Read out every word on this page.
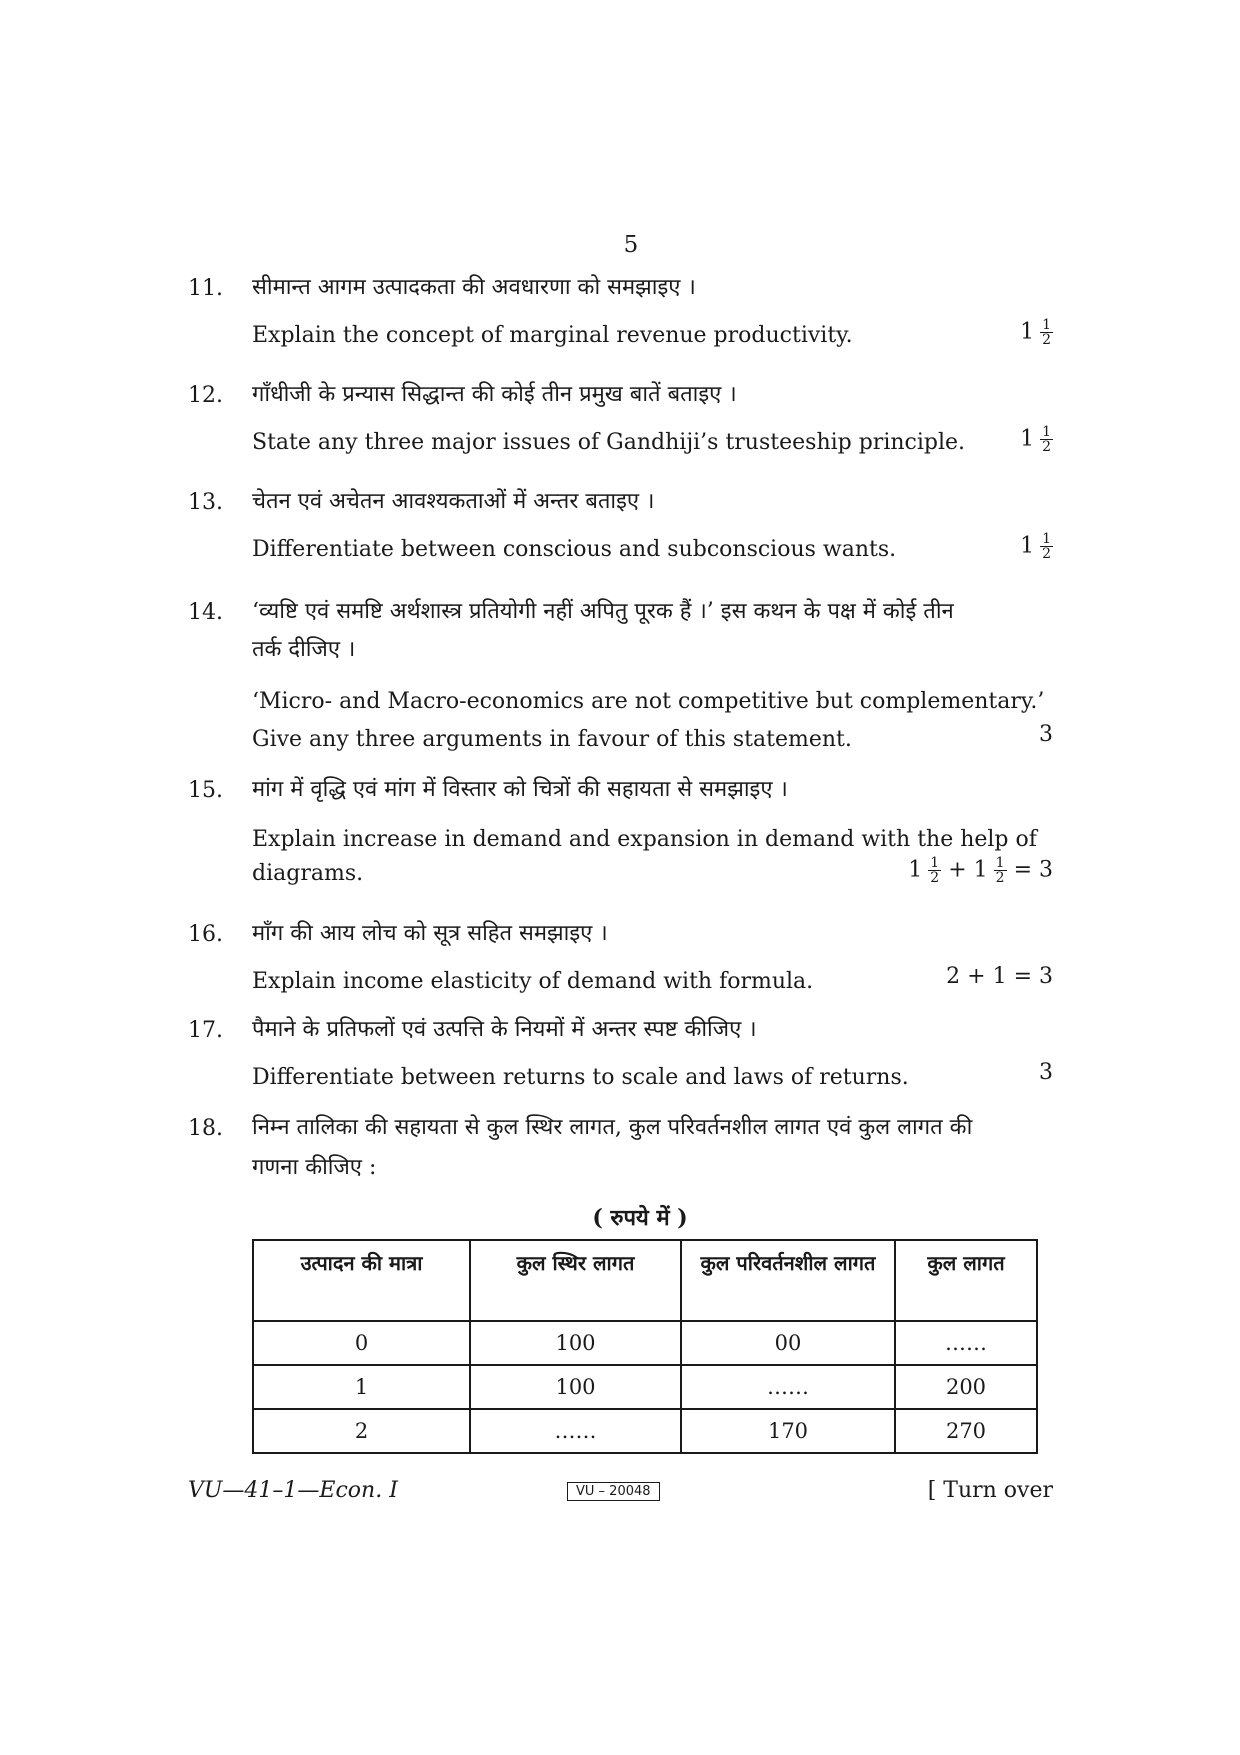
5
11. सीमान्त आगम उत्पादकता की अवधारणा को समझाइए ।
Explain the concept of marginal revenue productivity.	$1 \frac{1}{2}$
12. गाँधीजी के प्रन्यास सिद्धान्त की कोई तीन प्रमुख बातें बताइए ।
State any three major issues of Gandhiji’s trusteeship principle.	$1 \frac{1}{2}$
13. चेतन एवं अचेतन आवश्यकताओं में अन्तर बताइए ।
Differentiate between conscious and subconscious wants.	$1 \frac{1}{2}$
14. ‘व्यष्टि एवं समष्टि अर्थशास्त्र प्रतियोगी नहीं अपितु पूरक हैं ।’ इस कथन के पक्ष में कोई तीन
तर्क दीजिए ।
‘Micro- and Macro-economics are not competitive but complementary.’
Give any three arguments in favour of this statement.	3
15. मांग में वृद्धि एवं मांग में विस्तार को चित्रों की सहायता से समझाइए ।
Explain increase in demand and expansion in demand with the help of
diagrams.	$1 \frac{1}{2} + 1 \frac{1}{2} = 3$
16. माँग की आय लोच को सूत्र सहित समझाइए ।
Explain income elasticity of demand with formula.	2 + 1 = 3
17. पैमाने के प्रतिफलों एवं उत्पत्ति के नियमों में अन्तर स्पष्ट कीजिए ।
Differentiate between returns to scale and laws of returns.	3
18. निम्न तालिका की सहायता से कुल स्थिर लागत, कुल परिवर्तनशील लागत एवं कुल लागत की
गणना कीजिए :
( रुपये में )
उत्पादन की मात्रा	कुल स्थिर लागत	कुल परिवर्तनशील लागत	कुल लागत
0	100	00	……
1	100	……	200
2	……	170	270
VU—41–1—Econ. I	VU – 20048	[ Turn over
